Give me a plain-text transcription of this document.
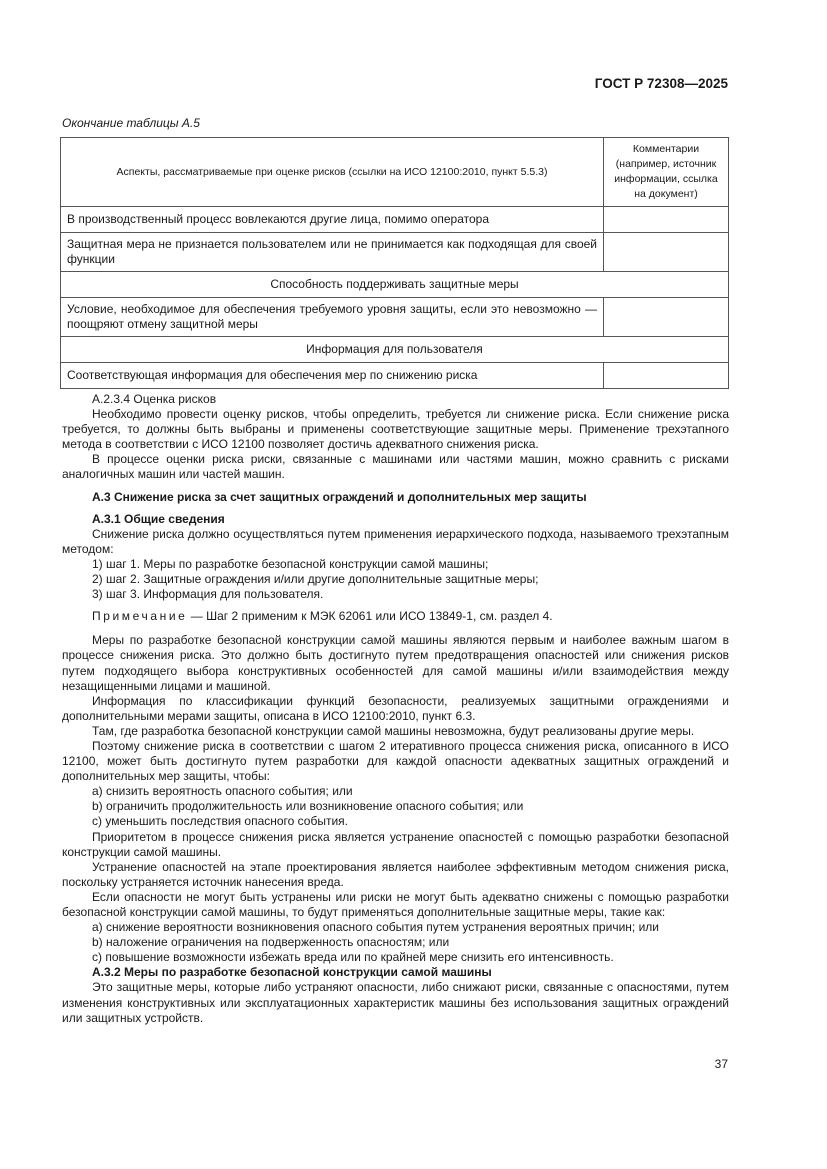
ГОСТ Р 72308—2025
Окончание таблицы А.5
Аспекты, рассматриваемые при оценке рисков (ссылки на ИСО 12100:2010, пункт 5.5.3)	Комментарии (например, источник информации, ссылка на документ)
В производственный процесс вовлекаются другие лица, помимо оператора	
Защитная мера не признается пользователем или не принимается как подходящая для своей функции	
Способность поддерживать защитные меры	
Условие, необходимое для обеспечения требуемого уровня защиты, если это невозможно — поощряют отмену защитной меры	
Информация для пользователя	
Соответствующая информация для обеспечения мер по снижению риска	

А.2.3.4 Оценка рисков

Необходимо провести оценку рисков, чтобы определить, требуется ли снижение риска. Если снижение риска требуется, то должны быть выбраны и применены соответствующие защитные меры. Применение трехэтапного метода в соответствии с ИСО 12100 позволяет достичь адекватного снижения риска.

В процессе оценки риска риски, связанные с машинами или частями машин, можно сравнить с рисками аналогичных машин или частей машин.

А.3 Снижение риска за счет защитных ограждений и дополнительных мер защиты

А.3.1 Общие сведения

Снижение риска должно осуществляться путем применения иерархического подхода, называемого трехэтапным методом:

1) шаг 1. Меры по разработке безопасной конструкции самой машины;

2) шаг 2. Защитные ограждения и/или другие дополнительные защитные меры;

3) шаг 3. Информация для пользователя.

Примечание — Шаг 2 применим к МЭК 62061 или ИСО 13849-1, см. раздел 4.

Меры по разработке безопасной конструкции самой машины являются первым и наиболее важным шагом в процессе снижения риска. Это должно быть достигнуто путем предотвращения опасностей или снижения рисков путем подходящего выбора конструктивных особенностей для самой машины и/или взаимодействия между незащищенными лицами и машиной.

Информация по классификации функций безопасности, реализуемых защитными ограждениями и дополнительными мерами защиты, описана в ИСО 12100:2010, пункт 6.3.

Там, где разработка безопасной конструкции самой машины невозможна, будут реализованы другие меры.

Поэтому снижение риска в соответствии с шагом 2 итеративного процесса снижения риска, описанного в ИСО 12100, может быть достигнуто путем разработки для каждой опасности адекватных защитных ограждений и дополнительных мер защиты, чтобы:

a) снизить вероятность опасного события; или

b) ограничить продолжительность или возникновение опасного события; или

c) уменьшить последствия опасного события.

Приоритетом в процессе снижения риска является устранение опасностей с помощью разработки безопасной конструкции самой машины.

Устранение опасностей на этапе проектирования является наиболее эффективным методом снижения риска, поскольку устраняется источник нанесения вреда.

Если опасности не могут быть устранены или риски не могут быть адекватно снижены с помощью разработки безопасной конструкции самой машины, то будут применяться дополнительные защитные меры, такие как:

a) снижение вероятности возникновения опасного события путем устранения вероятных причин; или

b) наложение ограничения на подверженность опасностям; или

c) повышение возможности избежать вреда или по крайней мере снизить его интенсивность.

А.3.2 Меры по разработке безопасной конструкции самой машины

Это защитные меры, которые либо устраняют опасности, либо снижают риски, связанные с опасностями, путем изменения конструктивных или эксплуатационных характеристик машины без использования защитных ограждений или защитных устройств.

37
